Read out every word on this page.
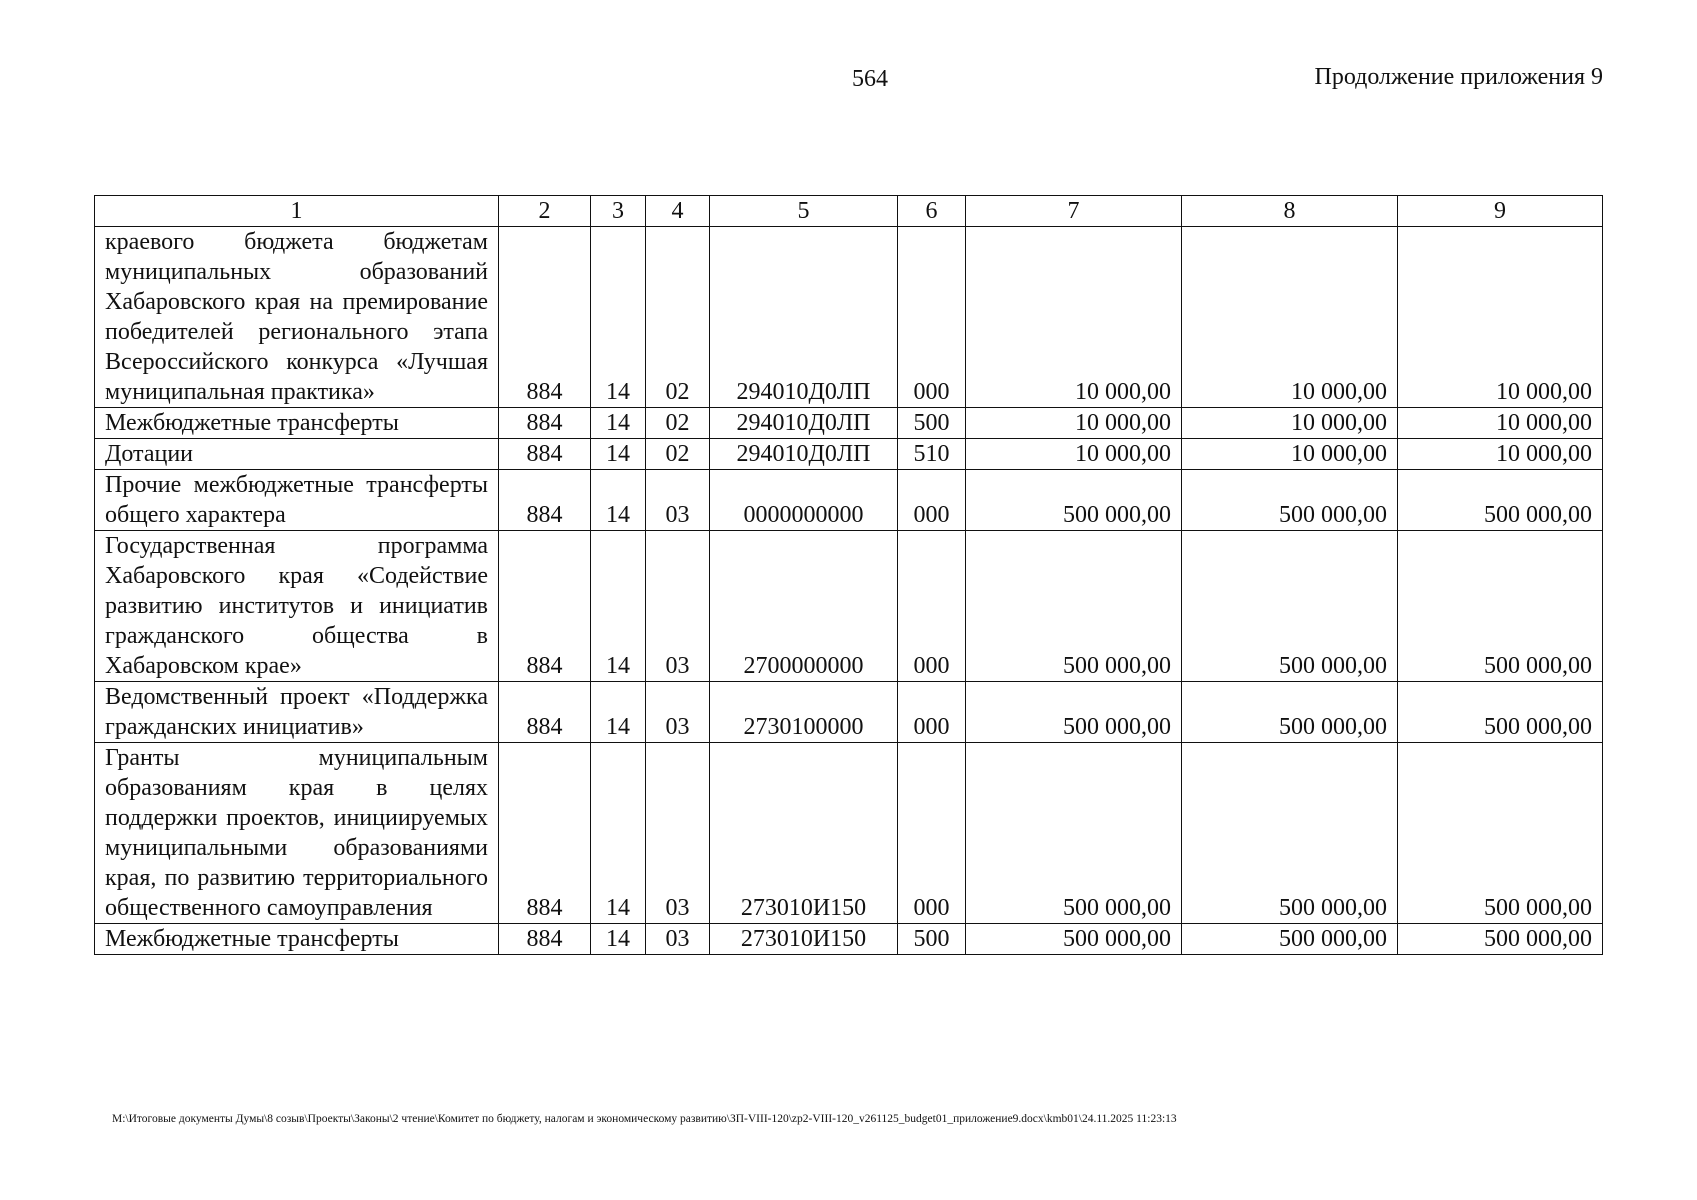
564	Продолжение приложения 9
1	2	3	4	5	6	7	8	9
краевого бюджета бюджетам муниципальных образований Хабаровского края на премирование победителей регионального этапа Всероссийского конкурса «Лучшая муниципальная практика»	884	14	02	294010Д0ЛП	000	10 000,00	10 000,00	10 000,00
Межбюджетные трансферты	884	14	02	294010Д0ЛП	500	10 000,00	10 000,00	10 000,00
Дотации	884	14	02	294010Д0ЛП	510	10 000,00	10 000,00	10 000,00
Прочие межбюджетные трансферты общего характера	884	14	03	0000000000	000	500 000,00	500 000,00	500 000,00
Государственная программа Хабаровского края «Содействие развитию институтов и инициатив гражданского общества в Хабаровском крае»	884	14	03	2700000000	000	500 000,00	500 000,00	500 000,00
Ведомственный проект «Поддержка гражданских инициатив»	884	14	03	2730100000	000	500 000,00	500 000,00	500 000,00
Гранты муниципальным образованиям края в целях поддержки проектов, инициируемых муниципальными образованиями края, по развитию территориального общественного самоуправления	884	14	03	273010И150	000	500 000,00	500 000,00	500 000,00
Межбюджетные трансферты	884	14	03	273010И150	500	500 000,00	500 000,00	500 000,00
M:\Итоговые документы Думы\8 созыв\Проекты\Законы\2 чтение\Комитет по бюджету, налогам и экономическому развитию\ЗП-VIII-120\zp2-VIII-120_v261125_budget01_приложение9.docx\kmb01\24.11.2025 11:23:13
